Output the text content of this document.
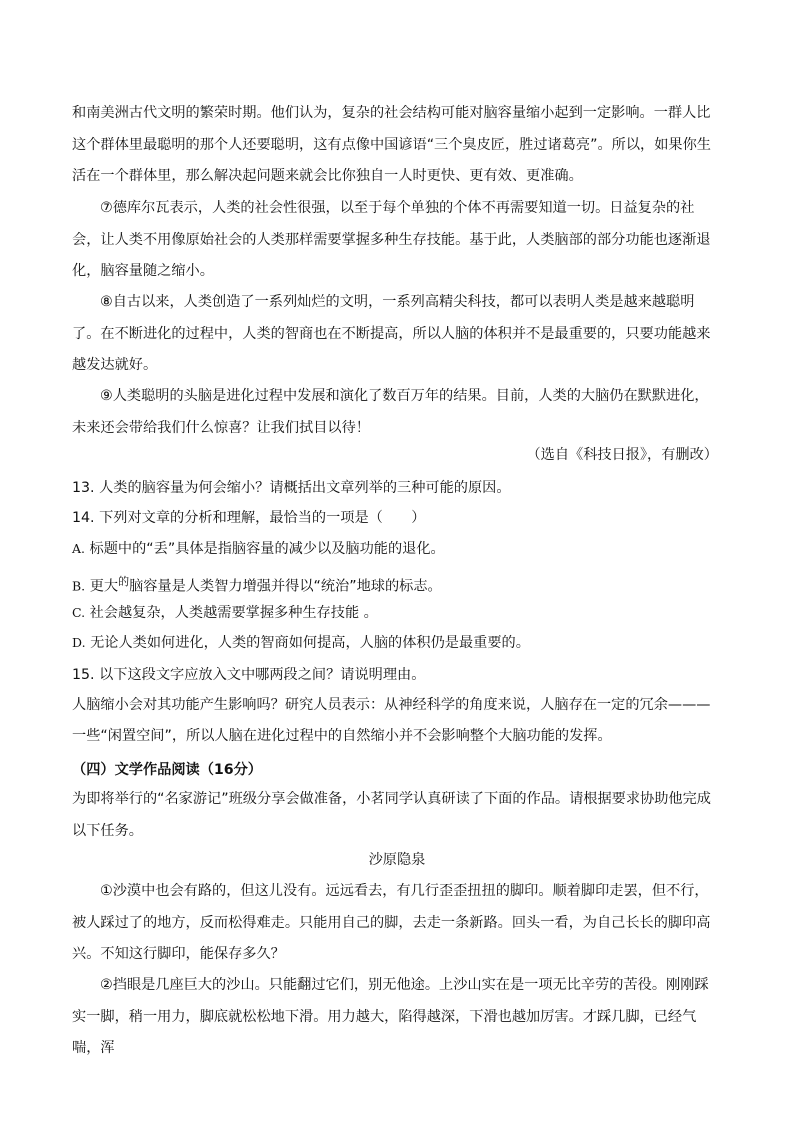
和南美洲古代文明的繁荣时期。他们认为，复杂的社会结构可能对脑容量缩小起到一定影响。一群人比这个群体里最聪明的那个人还要聪明，这有点像中国谚语“三个臭皮匠，胜过诸葛亮”。所以，如果你生活在一个群体里，那么解决起问题来就会比你独自一人时更快、更有效、更准确。
⑦德库尔瓦表示，人类的社会性很强，以至于每个单独的个体不再需要知道一切。日益复杂的社会，让人类不用像原始社会的人类那样需要掌握多种生存技能。基于此，人类脑部的部分功能也逐渐退化，脑容量随之缩小。
⑧自古以来，人类创造了一系列灿烂的文明，一系列高精尖科技，都可以表明人类是越来越聪明了。在不断进化的过程中，人类的智商也在不断提高，所以人脑的体积并不是最重要的，只要功能越来越发达就好。
⑨人类聪明的头脑是进化过程中发展和演化了数百万年的结果。目前，人类的大脑仍在默默进化，未来还会带给我们什么惊喜？让我们拭目以待！
（选自《科技日报》，有删改）
13. 人类的脑容量为何会缩小？请概括出文章列举的三种可能的原因。
14. 下列对文章的分析和理解，最恰当的一项是（　　）
A. 标题中的“丢”具体是指脑容量的减少以及脑功能的退化。
B. 更大$^的$脑容量是人类智力增强并得以“统治”地球的标志。
C. 社会越复杂，人类越需要掌握多种生存技能 。
D. 无论人类如何进化，人类的智商如何提高，人脑的体积仍是最重要的。
15. 以下这段文字应放入文中哪两段之间？请说明理由。
人脑缩小会对其功能产生影响吗？研究人员表示：从神经科学的角度来说，人脑存在一定的冗余———一些“闲置空间”，所以人脑在进化过程中的自然缩小并不会影响整个大脑功能的发挥。
（四）文学作品阅读（16分）
为即将举行的“名家游记”班级分享会做准备，小茗同学认真研读了下面的作品。请根据要求协助他完成以下任务。
沙原隐泉
①沙漠中也会有路的，但这儿没有。远远看去，有几行歪歪扭扭的脚印。顺着脚印走罢，但不行，被人踩过了的地方，反而松得难走。只能用自己的脚，去走一条新路。回头一看，为自己长长的脚印高兴。不知这行脚印，能保存多久？
②挡眼是几座巨大的沙山。只能翻过它们，别无他途。上沙山实在是一项无比辛劳的苦役。刚刚踩实一脚，稍一用力，脚底就松松地下滑。用力越大，陷得越深，下滑也越加厉害。才踩几脚，已经气喘，浑
